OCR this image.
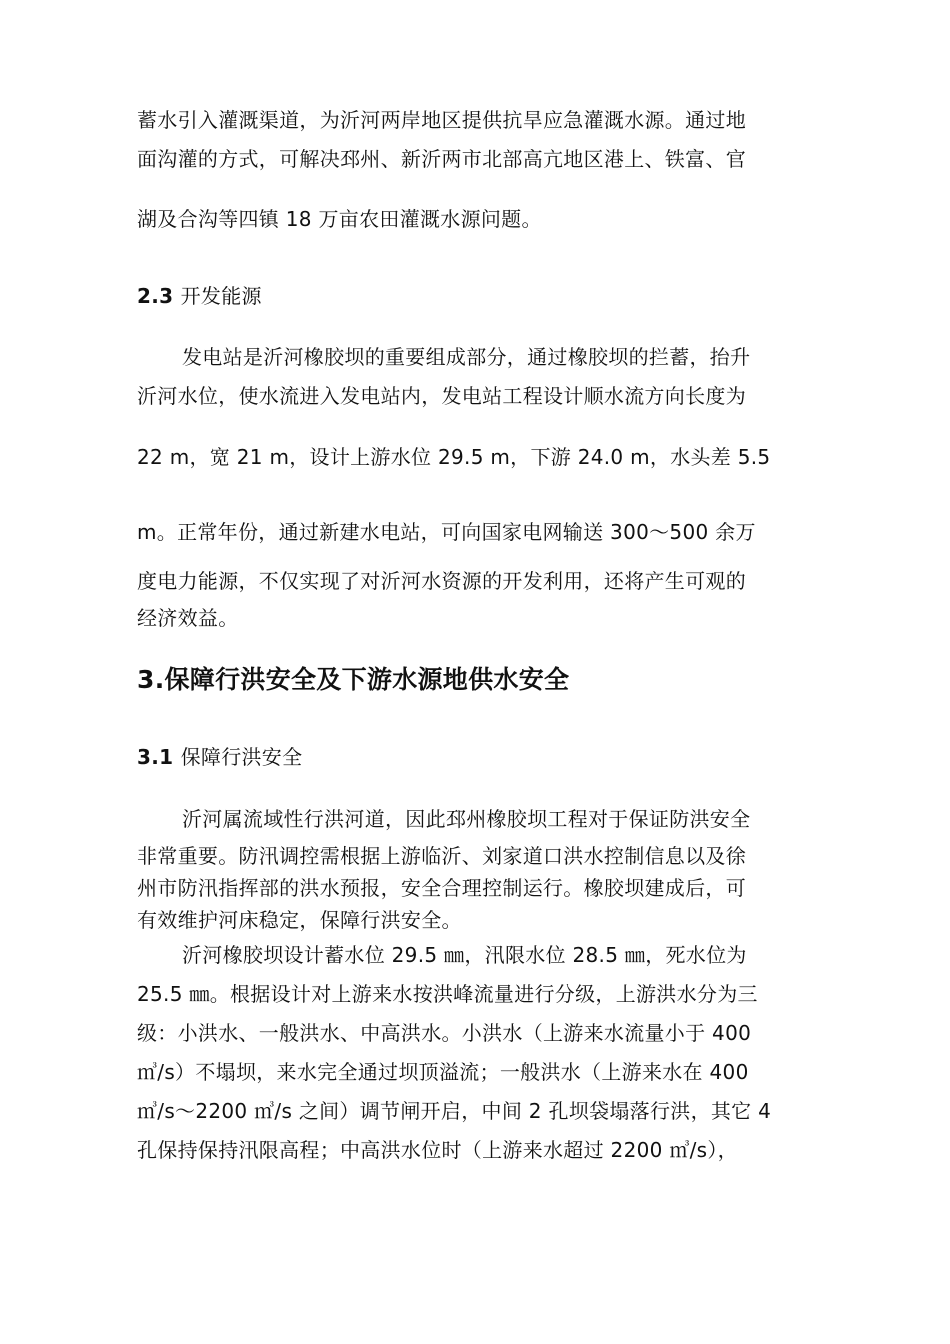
蓄水引入灌溉渠道，为沂河两岸地区提供抗旱应急灌溉水源。通过地
面沟灌的方式，可解决邳州、新沂两市北部高亢地区港上、铁富、官
湖及合沟等四镇 18 万亩农田灌溉水源问题。
2.3 开发能源
发电站是沂河橡胶坝的重要组成部分，通过橡胶坝的拦蓄，抬升
沂河水位，使水流进入发电站内，发电站工程设计顺水流方向长度为
22 m，宽 21 m，设计上游水位 29.5 m，下游 24.0 m，水头差 5.5
m。正常年份，通过新建水电站，可向国家电网输送 300～500 余万
度电力能源，不仅实现了对沂河水资源的开发利用，还将产生可观的
经济效益。
3.保障行洪安全及下游水源地供水安全
3.1 保障行洪安全
沂河属流域性行洪河道，因此邳州橡胶坝工程对于保证防洪安全
非常重要。防汛调控需根据上游临沂、刘家道口洪水控制信息以及徐
州市防汛指挥部的洪水预报，安全合理控制运行。橡胶坝建成后，可
有效维护河床稳定，保障行洪安全。
沂河橡胶坝设计蓄水位 29.5 ㎜，汛限水位 28.5 ㎜，死水位为
25.5 ㎜。根据设计对上游来水按洪峰流量进行分级，上游洪水分为三
级：小洪水、一般洪水、中高洪水。小洪水（上游来水流量小于 400
㎥/s）不塌坝，来水完全通过坝顶溢流；一般洪水（上游来水在 400
㎥/s～2200 ㎥/s 之间）调节闸开启，中间 2 孔坝袋塌落行洪，其它 4
孔保持保持汛限高程；中高洪水位时（上游来水超过 2200 ㎥/s），
